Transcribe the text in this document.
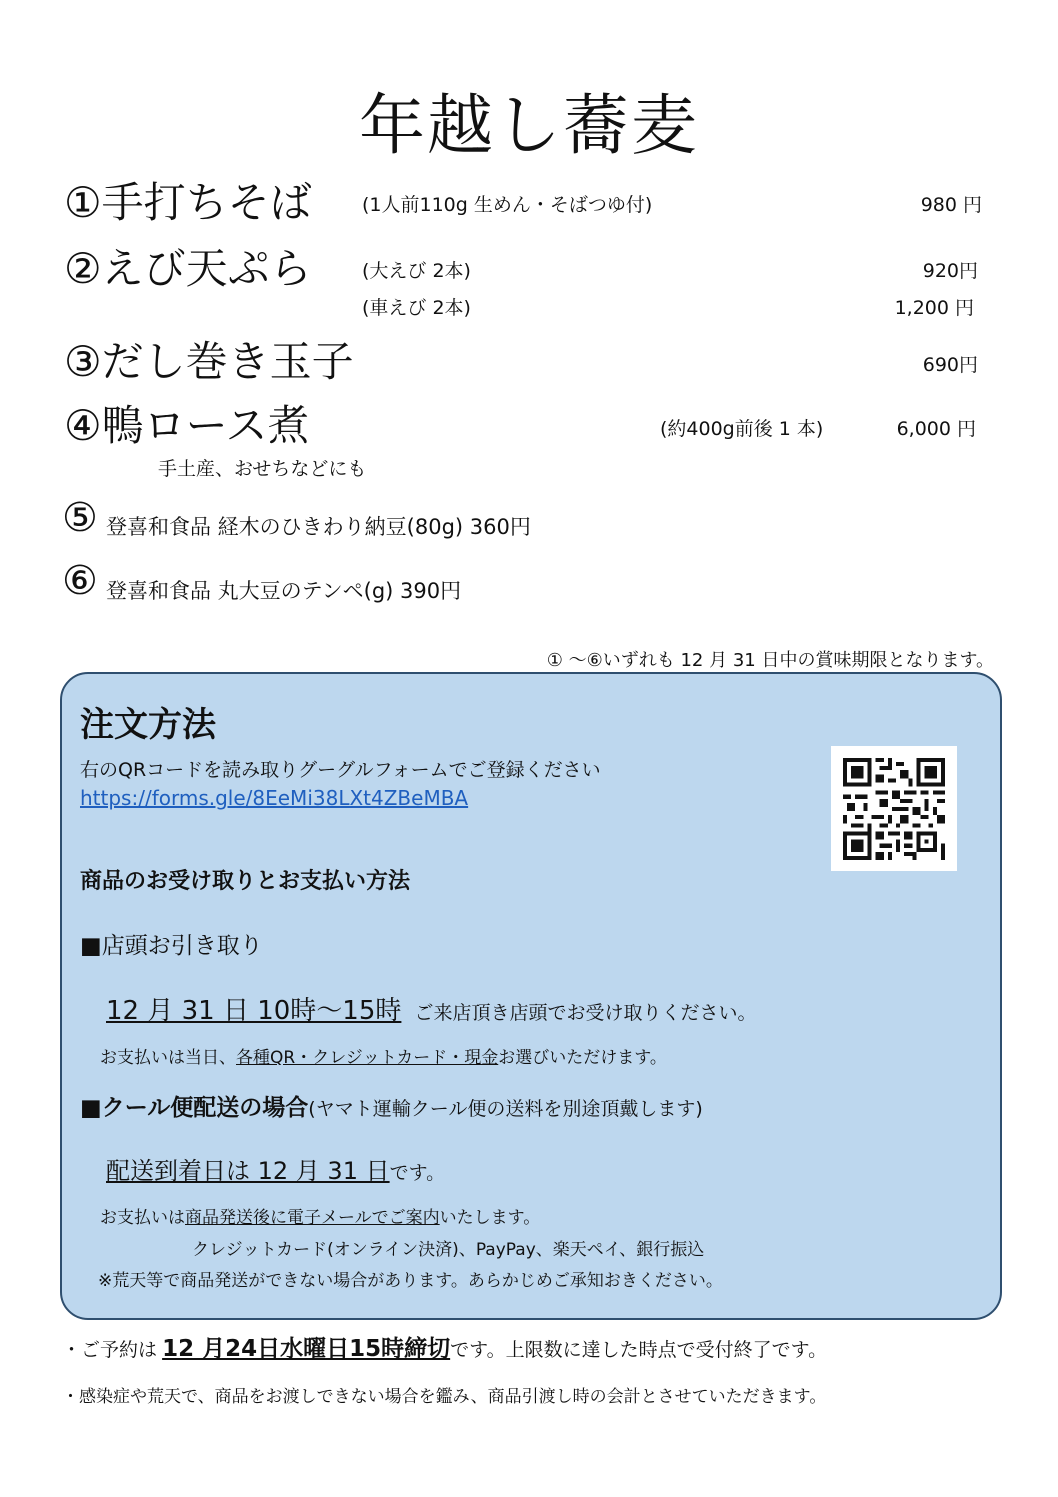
年越し蕎麦
①手打ちそば	(1人前110g 生めん・そばつゆ付)	980 円
②えび天ぷら	(大えび 2本)	920円
(車えび 2本)	1,200 円
③だし巻き玉子	690円
④鴨ロース煮	(約400g前後 1 本)	6,000 円
手土産、おせちなどにも
⑤ 登喜和食品 経木のひきわり納豆(80g) 360円
⑥ 登喜和食品 丸大豆のテンペ(g) 390円
① ～⑥いずれも 12 月 31 日中の賞味期限となります。
注文方法
右のQRコードを読み取りグーグルフォームでご登録ください
https://forms.gle/8EeMi38LXt4ZBeMBA
商品のお受け取りとお支払い方法
■店頭お引き取り
12 月 31 日 10時～15時 ご来店頂き店頭でお受け取りください。
お支払いは当日、各種QR・クレジットカード・現金お選びいただけます。
■クール便配送の場合(ヤマト運輸クール便の送料を別途頂戴します)
配送到着日は 12 月 31 日です。
お支払いは商品発送後に電子メールでご案内いたします。
クレジットカード(オンライン決済)、PayPay、楽天ペイ、銀行振込
※荒天等で商品発送ができない場合があります。あらかじめご承知おきください。
・ご予約は 12 月24日水曜日15時締切です。上限数に達した時点で受付終了です。
・感染症や荒天で、商品をお渡しできない場合を鑑み、商品引渡し時の会計とさせていただきます。
